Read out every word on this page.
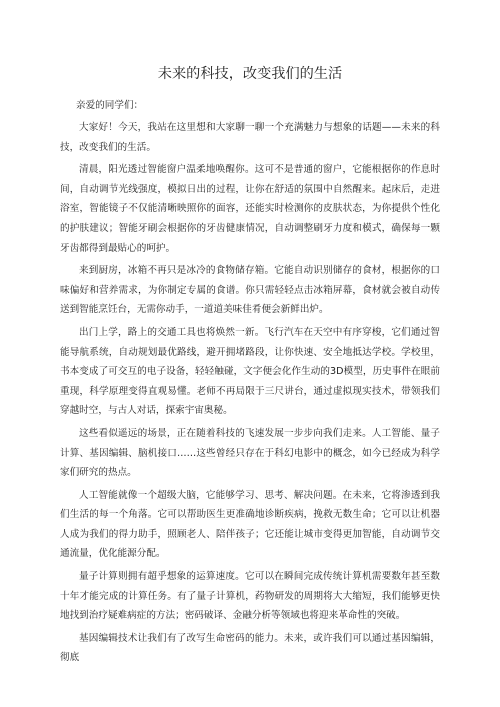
未来的科技，改变我们的生活

亲爱的同学们：

大家好！今天，我站在这里想和大家聊一聊一个充满魅力与想象的话题——未来的科技，改变我们的生活。

清晨，阳光透过智能窗户温柔地唤醒你。这可不是普通的窗户，它能根据你的作息时间，自动调节光线强度，模拟日出的过程，让你在舒适的氛围中自然醒来。起床后，走进浴室，智能镜子不仅能清晰映照你的面容，还能实时检测你的皮肤状态，为你提供个性化的护肤建议；智能牙刷会根据你的牙齿健康情况，自动调整刷牙力度和模式，确保每一颗牙齿都得到最贴心的呵护。

来到厨房，冰箱不再只是冰冷的食物储存箱。它能自动识别储存的食材，根据你的口味偏好和营养需求，为你制定专属的食谱。你只需轻轻点击冰箱屏幕，食材就会被自动传送到智能烹饪台，无需你动手，一道道美味佳肴便会新鲜出炉。

出门上学，路上的交通工具也将焕然一新。飞行汽车在天空中有序穿梭，它们通过智能导航系统，自动规划最优路线，避开拥堵路段，让你快速、安全地抵达学校。学校里，书本变成了可交互的电子设备，轻轻触碰，文字便会化作生动的3D模型，历史事件在眼前重现，科学原理变得直观易懂。老师不再局限于三尺讲台，通过虚拟现实技术，带领我们穿越时空，与古人对话，探索宇宙奥秘。

这些看似遥远的场景，正在随着科技的飞速发展一步步向我们走来。人工智能、量子计算、基因编辑、脑机接口……这些曾经只存在于科幻电影中的概念，如今已经成为科学家们研究的热点。

人工智能就像一个超级大脑，它能够学习、思考、解决问题。在未来，它将渗透到我们生活的每一个角落。它可以帮助医生更准确地诊断疾病，挽救无数生命；它可以让机器人成为我们的得力助手，照顾老人、陪伴孩子；它还能让城市变得更加智能，自动调节交通流量，优化能源分配。

量子计算则拥有超乎想象的运算速度。它可以在瞬间完成传统计算机需要数年甚至数十年才能完成的计算任务。有了量子计算机，药物研发的周期将大大缩短，我们能够更快地找到治疗疑难病症的方法；密码破译、金融分析等领域也将迎来革命性的突破。

基因编辑技术让我们有了改写生命密码的能力。未来，或许我们可以通过基因编辑，彻底
